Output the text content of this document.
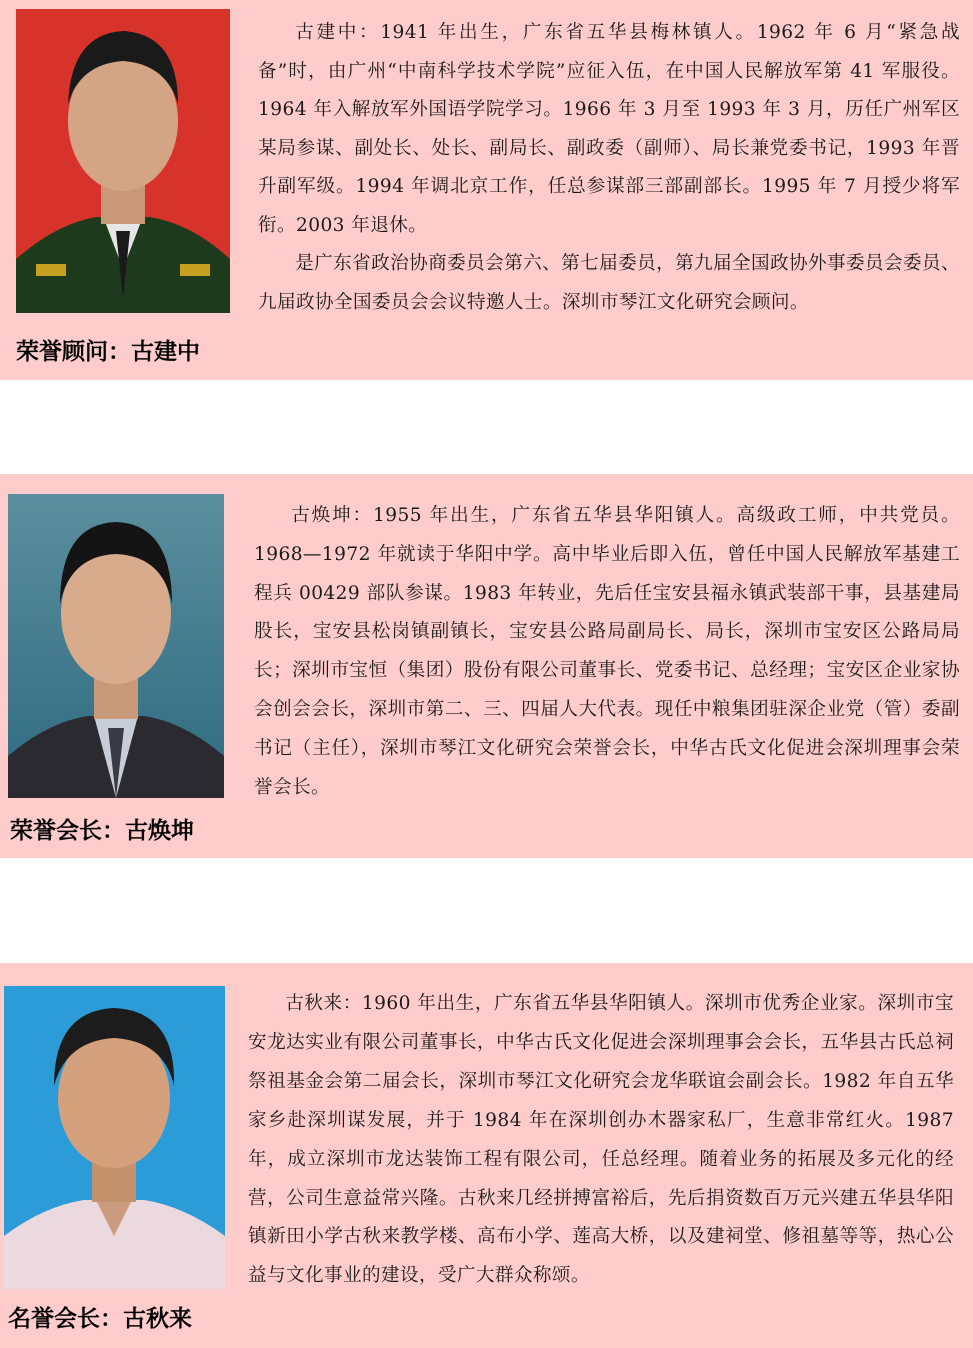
荣誉顾问：古建中

古建中：1941 年出生，广东省五华县梅林镇人。1962 年 6 月“紧急战备”时，由广州“中南科学技术学院”应征入伍，在中国人民解放军第 41 军服役。1964 年入解放军外国语学院学习。1966 年 3 月至 1993 年 3 月，历任广州军区某局参谋、副处长、处长、副局长、副政委（副师）、局长兼党委书记，1993 年晋升副军级。1994 年调北京工作，任总参谋部三部副部长。1995 年 7 月授少将军衔。2003 年退休。

是广东省政治协商委员会第六、第七届委员，第九届全国政协外事委员会委员、九届政协全国委员会会议特邀人士。深圳市琴江文化研究会顾问。

荣誉会长：古焕坤

古焕坤：1955 年出生，广东省五华县华阳镇人。高级政工师，中共党员。1968—1972 年就读于华阳中学。高中毕业后即入伍，曾任中国人民解放军基建工程兵 00429 部队参谋。1983 年转业，先后任宝安县福永镇武装部干事，县基建局股长，宝安县松岗镇副镇长，宝安县公路局副局长、局长，深圳市宝安区公路局局长；深圳市宝恒（集团）股份有限公司董事长、党委书记、总经理；宝安区企业家协会创会会长，深圳市第二、三、四届人大代表。现任中粮集团驻深企业党（管）委副书记（主任），深圳市琴江文化研究会荣誉会长，中华古氏文化促进会深圳理事会荣誉会长。

名誉会长：古秋来

古秋来：1960 年出生，广东省五华县华阳镇人。深圳市优秀企业家。深圳市宝安龙达实业有限公司董事长，中华古氏文化促进会深圳理事会会长，五华县古氏总祠祭祖基金会第二届会长，深圳市琴江文化研究会龙华联谊会副会长。1982 年自五华家乡赴深圳谋发展，并于 1984 年在深圳创办木器家私厂，生意非常红火。1987 年，成立深圳市龙达装饰工程有限公司，任总经理。随着业务的拓展及多元化的经营，公司生意益常兴隆。古秋来几经拼搏富裕后，先后捐资数百万元兴建五华县华阳镇新田小学古秋来教学楼、高布小学、莲高大桥，以及建祠堂、修祖墓等等，热心公益与文化事业的建设，受广大群众称颂。
